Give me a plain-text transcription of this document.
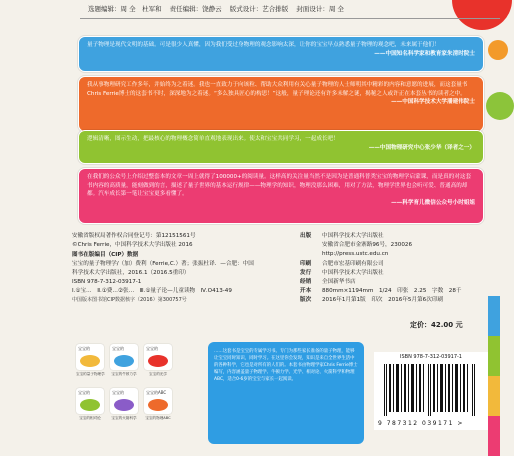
选题编辑：周 全　杜军和 责任编辑：饶静云 版式设计：艺合排版 封面设计：周 全
量子物理是现代文明的基础。可是很少人真懂，因为我们受过身物理的观念影响太深，让你的宝宝早点熟悉量子物理的观念吧，未来属于他们！
——中国知名科学家和教育家朱清时院士
我从事物理研究工作多年，并始终为之着迷。我也一直致力于向该粒、帮助大众利用有关心量子物理的人士师明其中精彩的内容和意愿的进展，而这套量书Chris Ferrie博士的这套书不时，深深地为之着迷。“多么独具匠心的构思！”这般，量子理论还有许多未解之谜，揭秘之人或许正在本套丛书的读者之中。
——中国科学技术大学潘建伟院士
逻辑清晰，图示生动，把最核心的物理概念简单直观地表现出来。使太和宝宝共同学习，一起成长吧！
——中国物理研究中心张少华（译者之一）
在我们的公众号上介绍过整套本的文章一周上就得了100000+的阅读量。这样高的关注量当然不是因为是普通科普类宝宝的物理学启蒙课，而是真的对这套书内容的高质量，能刻做到的言，描述了量子世界的基本运行规律——物理学的知识，物理没那么困难，用对了方法，物理学世界也会听可爱、普通高的却都。汽车成长第一笔让宝宝更多看懂了。
——科学育儿微信公众号小时姐姐
安徽省版权局著作权合同登记号：第12151561号
©Chris Ferrie，中国科学技术大学出版社 2016
图书在版编目（CIP）数据
宝宝的量子物理学/（加）费利（Ferrie,C.）著；张振杜译．—合肥：中国
科学技术大学出版社，2016.1（2016.5重印）
ISBN 978-7-312-03917-1
Ⅰ.①宝…　Ⅱ.①费…②张…　Ⅲ.①量子论—儿童读物　Ⅳ.O413-49
中国版本图书馆CIP数据核字（2016）第300757号
出版	中国科学技术大学出版社
安徽省合肥市金寨路96号，230026
http://press.ustc.edu.cn
印刷	合肥市宏基印刷有限公司
发行	中国科学技术大学出版社
经销	全国新华书店
开本	880mm×1194mm　1/24　印张　2.25　字数　28千
版次	2016年1月第1版　印次　2016年5月第6次印刷
定价：42.00 元
宝宝的
宝宝的量子物理学
宝宝的
宝宝的牛顿力学
宝宝的
宝宝的光学
宝宝的
宝宝的相对论
宝宝的
宝宝的火箭科学
宝宝的ABC
宝宝的物理ABC
……这套书是宝宝的专属学习书。专门为那些家长准备的量子物理，能够让宝宝同时知识，同时学习。在这里你会发现，知识是来自全世界生活中的各种科学，它也是对所有的人们的。本套书由物理学家Chris Ferrie博士编写，内容涵盖量子物理学、牛顿力学、光学、相对论、火箭科学和物理ABC，适合0-6岁的宝宝与家长一起阅读。
ISBN 978-7-312-03917-1
9 787312 039171 >
